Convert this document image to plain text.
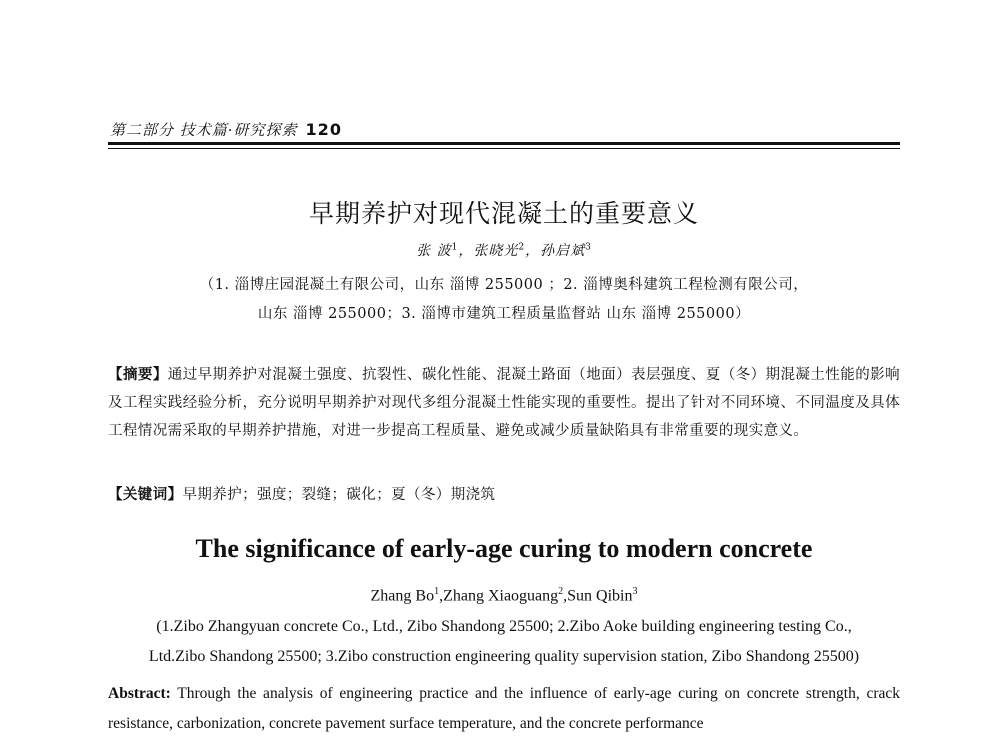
第二部分 技术篇·研究探索 120
早期养护对现代混凝土的重要意义
张 波$^1$，张晓光$^2$，孙启斌$^3$
（1. 淄博庄园混凝土有限公司，山东 淄博 255000 ；2. 淄博奥科建筑工程检测有限公司，
山东 淄博 255000；3. 淄博市建筑工程质量监督站 山东 淄博 255000）
【摘要】通过早期养护对混凝土强度、抗裂性、碳化性能、混凝土路面（地面）表层强度、夏（冬）期混凝土性能的影响及工程实践经验分析，充分说明早期养护对现代多组分混凝土性能实现的重要性。提出了针对不同环境、不同温度及具体工程情况需采取的早期养护措施，对进一步提高工程质量、避免或减少质量缺陷具有非常重要的现实意义。
【关键词】早期养护；强度；裂缝；碳化；夏（冬）期浇筑
The significance of early-age curing to modern concrete
Zhang Bo$^1$,Zhang Xiaoguang$^2$,Sun Qibin$^3$
(1.Zibo Zhangyuan concrete Co., Ltd., Zibo Shandong 25500; 2.Zibo Aoke building engineering testing Co.,
Ltd.Zibo Shandong 25500; 3.Zibo construction engineering quality supervision station, Zibo Shandong 25500)
Abstract: Through the analysis of engineering practice and the influence of early-age curing on concrete strength, crack resistance, carbonization, concrete pavement surface temperature, and the concrete performance
